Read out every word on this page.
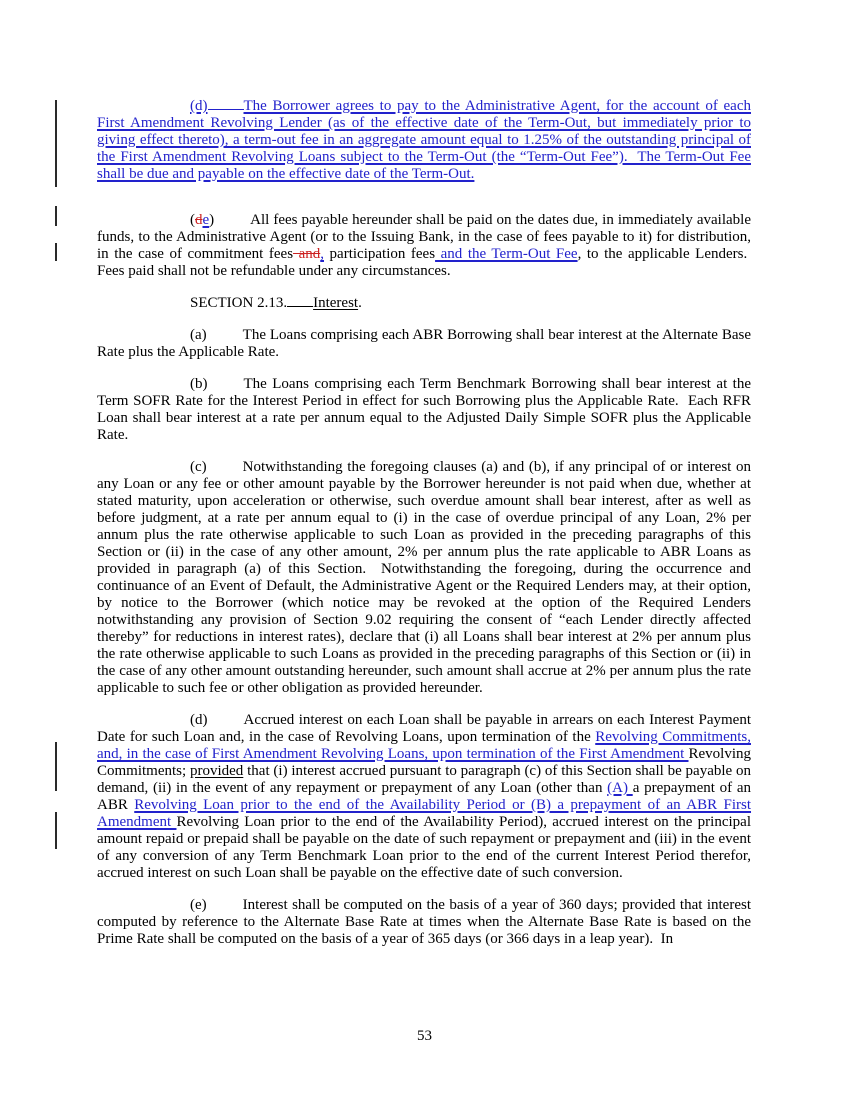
(d) The Borrower agrees to pay to the Administrative Agent, for the account of each First Amendment Revolving Lender (as of the effective date of the Term-Out, but immediately prior to giving effect thereto), a term-out fee in an aggregate amount equal to 1.25% of the outstanding principal of the First Amendment Revolving Loans subject to the Term-Out (the “Term-Out Fee”).  The Term-Out Fee shall be due and payable on the effective date of the Term-Out.

(de) All fees payable hereunder shall be paid on the dates due, in immediately available funds, to the Administrative Agent (or to the Issuing Bank, in the case of fees payable to it) for distribution, in the case of commitment fees and, participation fees and the Term-Out Fee, to the applicable Lenders.  Fees paid shall not be refundable under any circumstances.

SECTION 2.13. Interest.

(a) The Loans comprising each ABR Borrowing shall bear interest at the Alternate Base Rate plus the Applicable Rate.

(b) The Loans comprising each Term Benchmark Borrowing shall bear interest at the Term SOFR Rate for the Interest Period in effect for such Borrowing plus the Applicable Rate.  Each RFR Loan shall bear interest at a rate per annum equal to the Adjusted Daily Simple SOFR plus the Applicable Rate.

(c) Notwithstanding the foregoing clauses (a) and (b), if any principal of or interest on any Loan or any fee or other amount payable by the Borrower hereunder is not paid when due, whether at stated maturity, upon acceleration or otherwise, such overdue amount shall bear interest, after as well as before judgment, at a rate per annum equal to (i) in the case of overdue principal of any Loan, 2% per annum plus the rate otherwise applicable to such Loan as provided in the preceding paragraphs of this Section or (ii) in the case of any other amount, 2% per annum plus the rate applicable to ABR Loans as provided in paragraph (a) of this Section.  Notwithstanding the foregoing, during the occurrence and continuance of an Event of Default, the Administrative Agent or the Required Lenders may, at their option, by notice to the Borrower (which notice may be revoked at the option of the Required Lenders notwithstanding any provision of Section 9.02 requiring the consent of “each Lender directly affected thereby” for reductions in interest rates), declare that (i) all Loans shall bear interest at 2% per annum plus the rate otherwise applicable to such Loans as provided in the preceding paragraphs of this Section or (ii) in the case of any other amount outstanding hereunder, such amount shall accrue at 2% per annum plus the rate applicable to such fee or other obligation as provided hereunder.

(d) Accrued interest on each Loan shall be payable in arrears on each Interest Payment Date for such Loan and, in the case of Revolving Loans, upon termination of the Revolving Commitments, and, in the case of First Amendment Revolving Loans, upon termination of the First Amendment Revolving Commitments; provided that (i) interest accrued pursuant to paragraph (c) of this Section shall be payable on demand, (ii) in the event of any repayment or prepayment of any Loan (other than (A) a prepayment of an ABR Revolving Loan prior to the end of the Availability Period or (B) a prepayment of an ABR First Amendment Revolving Loan prior to the end of the Availability Period), accrued interest on the principal amount repaid or prepaid shall be payable on the date of such repayment or prepayment and (iii) in the event of any conversion of any Term Benchmark Loan prior to the end of the current Interest Period therefor, accrued interest on such Loan shall be payable on the effective date of such conversion.

(e) Interest shall be computed on the basis of a year of 360 days; provided that interest computed by reference to the Alternate Base Rate at times when the Alternate Base Rate is based on the Prime Rate shall be computed on the basis of a year of 365 days (or 366 days in a leap year).  In

53
